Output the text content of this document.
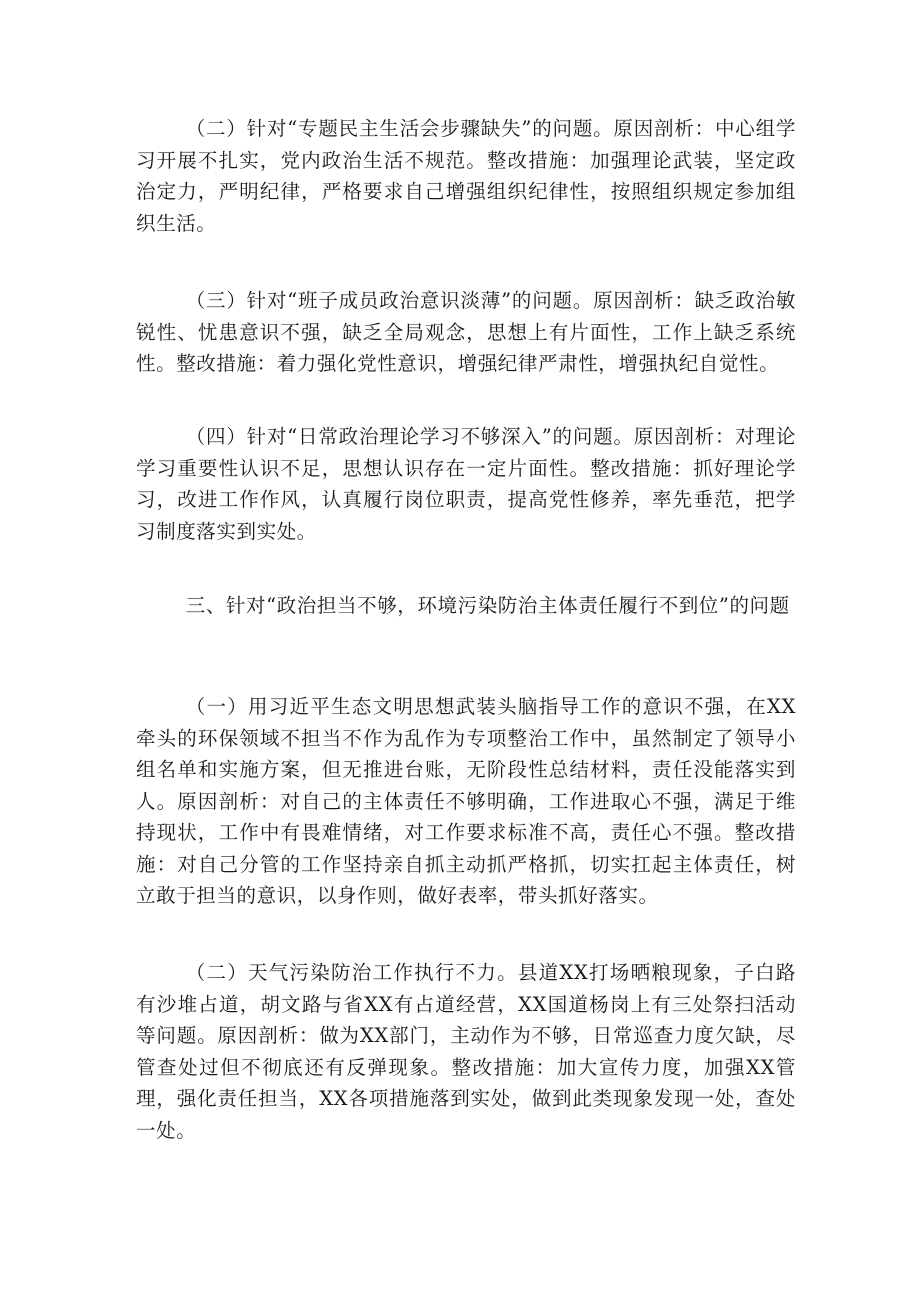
（二）针对“专题民主生活会步骤缺失”的问题。原因剖析：中心组学习开展不扎实，党内政治生活不规范。整改措施：加强理论武装，坚定政治定力，严明纪律，严格要求自己增强组织纪律性，按照组织规定参加组织生活。

（三）针对“班子成员政治意识淡薄”的问题。原因剖析：缺乏政治敏锐性、忧患意识不强，缺乏全局观念，思想上有片面性，工作上缺乏系统性。整改措施：着力强化党性意识，增强纪律严肃性，增强执纪自觉性。

（四）针对“日常政治理论学习不够深入”的问题。原因剖析：对理论学习重要性认识不足，思想认识存在一定片面性。整改措施：抓好理论学习，改进工作作风，认真履行岗位职责，提高党性修养，率先垂范，把学习制度落实到实处。

三、针对“政治担当不够，环境污染防治主体责任履行不到位”的问题

（一）用习近平生态文明思想武装头脑指导工作的意识不强，在XX牵头的环保领域不担当不作为乱作为专项整治工作中，虽然制定了领导小组名单和实施方案，但无推进台账，无阶段性总结材料，责任没能落实到人。原因剖析：对自己的主体责任不够明确，工作进取心不强，满足于维持现状，工作中有畏难情绪，对工作要求标准不高，责任心不强。整改措施：对自己分管的工作坚持亲自抓主动抓严格抓，切实扛起主体责任，树立敢于担当的意识，以身作则，做好表率，带头抓好落实。

（二）天气污染防治工作执行不力。县道XX打场晒粮现象，子白路有沙堆占道，胡文路与省XX有占道经营，XX国道杨岗上有三处祭扫活动等问题。原因剖析：做为XX部门，主动作为不够，日常巡查力度欠缺，尽管查处过但不彻底还有反弹现象。整改措施：加大宣传力度，加强XX管理，强化责任担当，XX各项措施落到实处，做到此类现象发现一处，查处一处。
